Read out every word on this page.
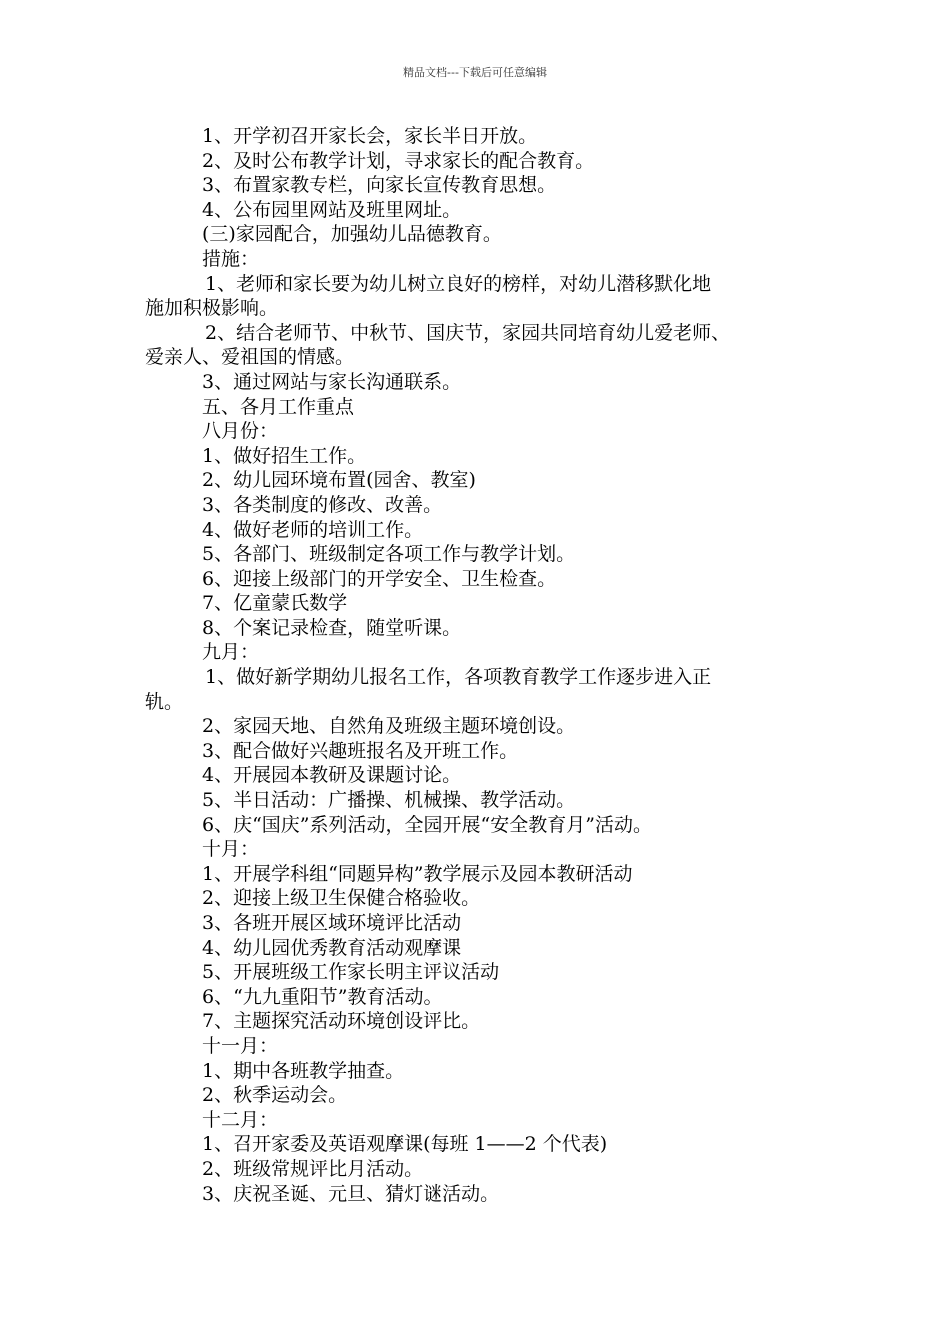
精品文档---下载后可任意编辑
1、开学初召开家长会，家长半日开放。
2、及时公布教学计划，寻求家长的配合教育。
3、布置家教专栏，向家长宣传教育思想。
4、公布园里网站及班里网址。
(三)家园配合，加强幼儿品德教育。
措施：
1、老师和家长要为幼儿树立良好的榜样，对幼儿潜移默化地
施加积极影响。
2、结合老师节、中秋节、国庆节，家园共同培育幼儿爱老师、
爱亲人、爱祖国的情感。
3、通过网站与家长沟通联系。
五、各月工作重点
八月份：
1、做好招生工作。
2、幼儿园环境布置(园舍、教室)
3、各类制度的修改、改善。
4、做好老师的培训工作。
5、各部门、班级制定各项工作与教学计划。
6、迎接上级部门的开学安全、卫生检查。
7、亿童蒙氏数学
8、个案记录检查，随堂听课。
九月：
1、做好新学期幼儿报名工作，各项教育教学工作逐步进入正
轨。
2、家园天地、自然角及班级主题环境创设。
3、配合做好兴趣班报名及开班工作。
4、开展园本教研及课题讨论。
5、半日活动：广播操、机械操、教学活动。
6、庆“国庆”系列活动，全园开展“安全教育月”活动。
十月：
1、开展学科组“同题异构”教学展示及园本教研活动
2、迎接上级卫生保健合格验收。
3、各班开展区域环境评比活动
4、幼儿园优秀教育活动观摩课
5、开展班级工作家长明主评议活动
6、“九九重阳节”教育活动。
7、主题探究活动环境创设评比。
十一月：
1、期中各班教学抽查。
2、秋季运动会。
十二月：
1、召开家委及英语观摩课(每班 1——2 个代表)
2、班级常规评比月活动。
3、庆祝圣诞、元旦、猜灯谜活动。
